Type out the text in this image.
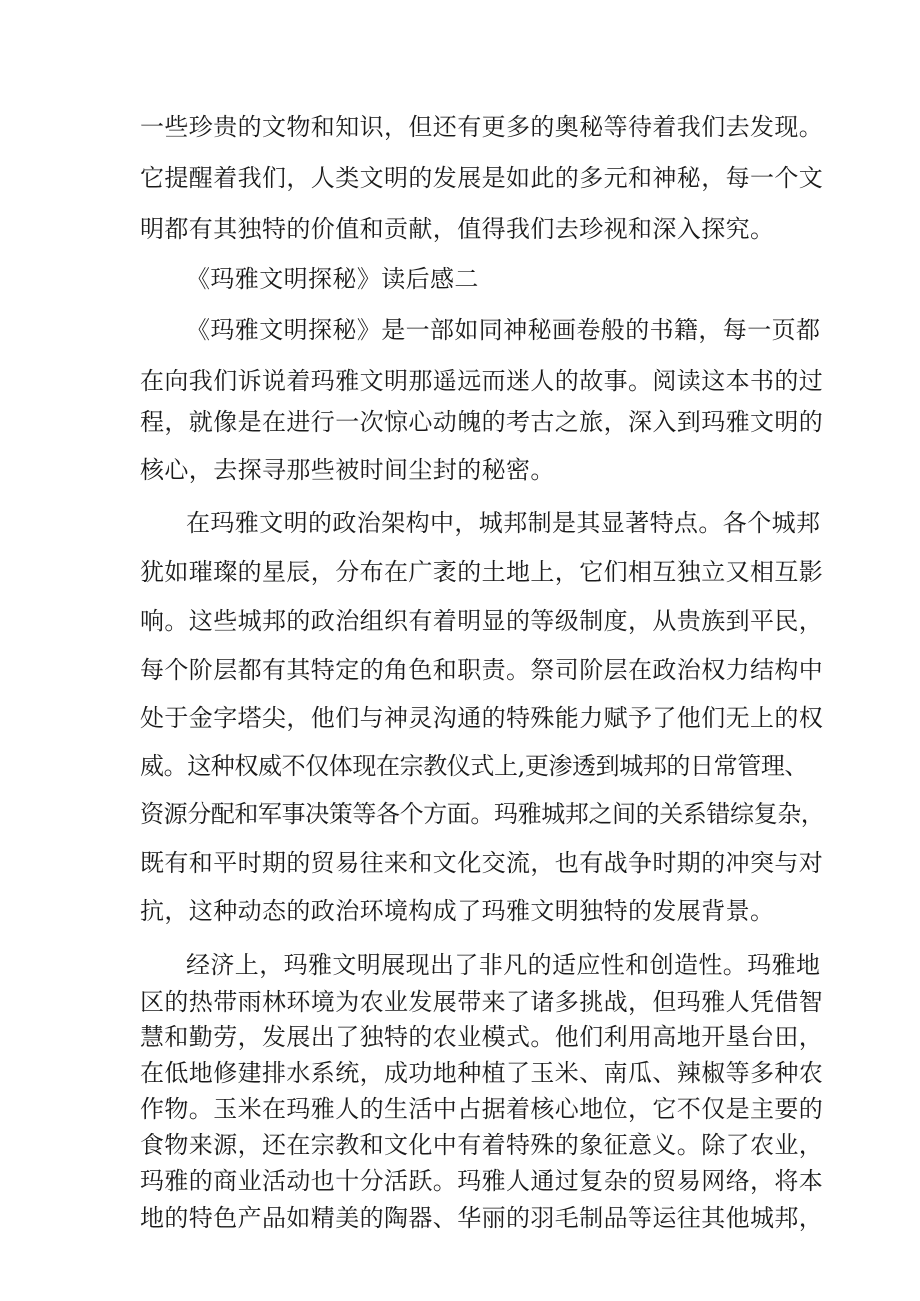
一些珍贵的文物和知识，但还有更多的奥秘等待着我们去发现。
它提醒着我们，人类文明的发展是如此的多元和神秘，每一个文
明都有其独特的价值和贡献，值得我们去珍视和深入探究。
《玛雅文明探秘》读后感二
《玛雅文明探秘》是一部如同神秘画卷般的书籍，每一页都
在向我们诉说着玛雅文明那遥远而迷人的故事。阅读这本书的过
程，就像是在进行一次惊心动魄的考古之旅，深入到玛雅文明的
核心，去探寻那些被时间尘封的秘密。
在玛雅文明的政治架构中，城邦制是其显著特点。各个城邦
犹如璀璨的星辰，分布在广袤的土地上，它们相互独立又相互影
响。这些城邦的政治组织有着明显的等级制度，从贵族到平民，
每个阶层都有其特定的角色和职责。祭司阶层在政治权力结构中
处于金字塔尖，他们与神灵沟通的特殊能力赋予了他们无上的权
威。这种权威不仅体现在宗教仪式上,更渗透到城邦的日常管理、
资源分配和军事决策等各个方面。玛雅城邦之间的关系错综复杂，
既有和平时期的贸易往来和文化交流，也有战争时期的冲突与对
抗，这种动态的政治环境构成了玛雅文明独特的发展背景。
经济上，玛雅文明展现出了非凡的适应性和创造性。玛雅地
区的热带雨林环境为农业发展带来了诸多挑战，但玛雅人凭借智
慧和勤劳，发展出了独特的农业模式。他们利用高地开垦台田，
在低地修建排水系统，成功地种植了玉米、南瓜、辣椒等多种农
作物。玉米在玛雅人的生活中占据着核心地位，它不仅是主要的
食物来源，还在宗教和文化中有着特殊的象征意义。除了农业，
玛雅的商业活动也十分活跃。玛雅人通过复杂的贸易网络，将本
地的特色产品如精美的陶器、华丽的羽毛制品等运往其他城邦，
